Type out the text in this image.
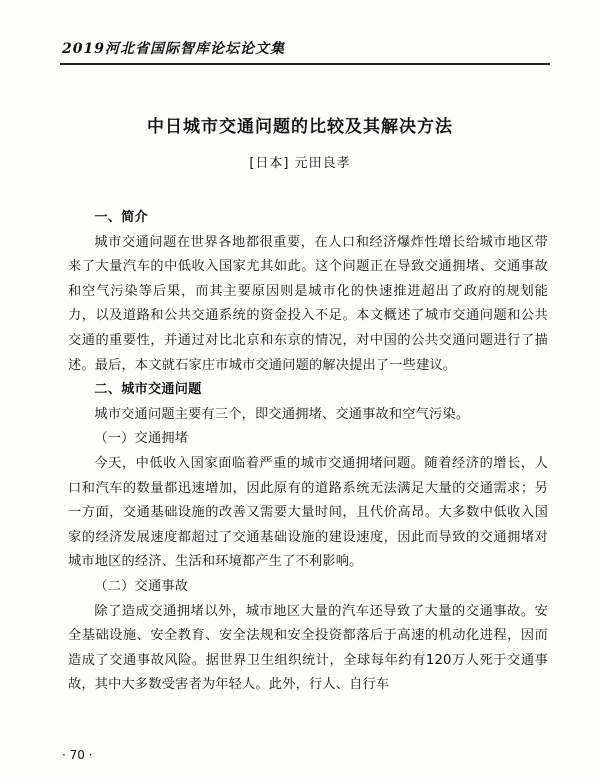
2019河北省国际智库论坛论文集
中日城市交通问题的比较及其解决方法
[日本] 元田良孝
一、简介

城市交通问题在世界各地都很重要，在人口和经济爆炸性增长给城市地区带来了大量汽车的中低收入国家尤其如此。这个问题正在导致交通拥堵、交通事故和空气污染等后果，而其主要原因则是城市化的快速推进超出了政府的规划能力，以及道路和公共交通系统的资金投入不足。本文概述了城市交通问题和公共交通的重要性，并通过对比北京和东京的情况，对中国的公共交通问题进行了描述。最后，本文就石家庄市城市交通问题的解决提出了一些建议。

二、城市交通问题

城市交通问题主要有三个，即交通拥堵、交通事故和空气污染。

（一）交通拥堵

今天，中低收入国家面临着严重的城市交通拥堵问题。随着经济的增长，人口和汽车的数量都迅速增加，因此原有的道路系统无法满足大量的交通需求；另一方面，交通基础设施的改善又需要大量时间，且代价高昂。大多数中低收入国家的经济发展速度都超过了交通基础设施的建设速度，因此而导致的交通拥堵对城市地区的经济、生活和环境都产生了不利影响。

（二）交通事故

除了造成交通拥堵以外，城市地区大量的汽车还导致了大量的交通事故。安全基础设施、安全教育、安全法规和安全投资都落后于高速的机动化进程，因而造成了交通事故风险。据世界卫生组织统计，全球每年约有120万人死于交通事故，其中大多数受害者为年轻人。此外，行人、自行车

· 70 ·
